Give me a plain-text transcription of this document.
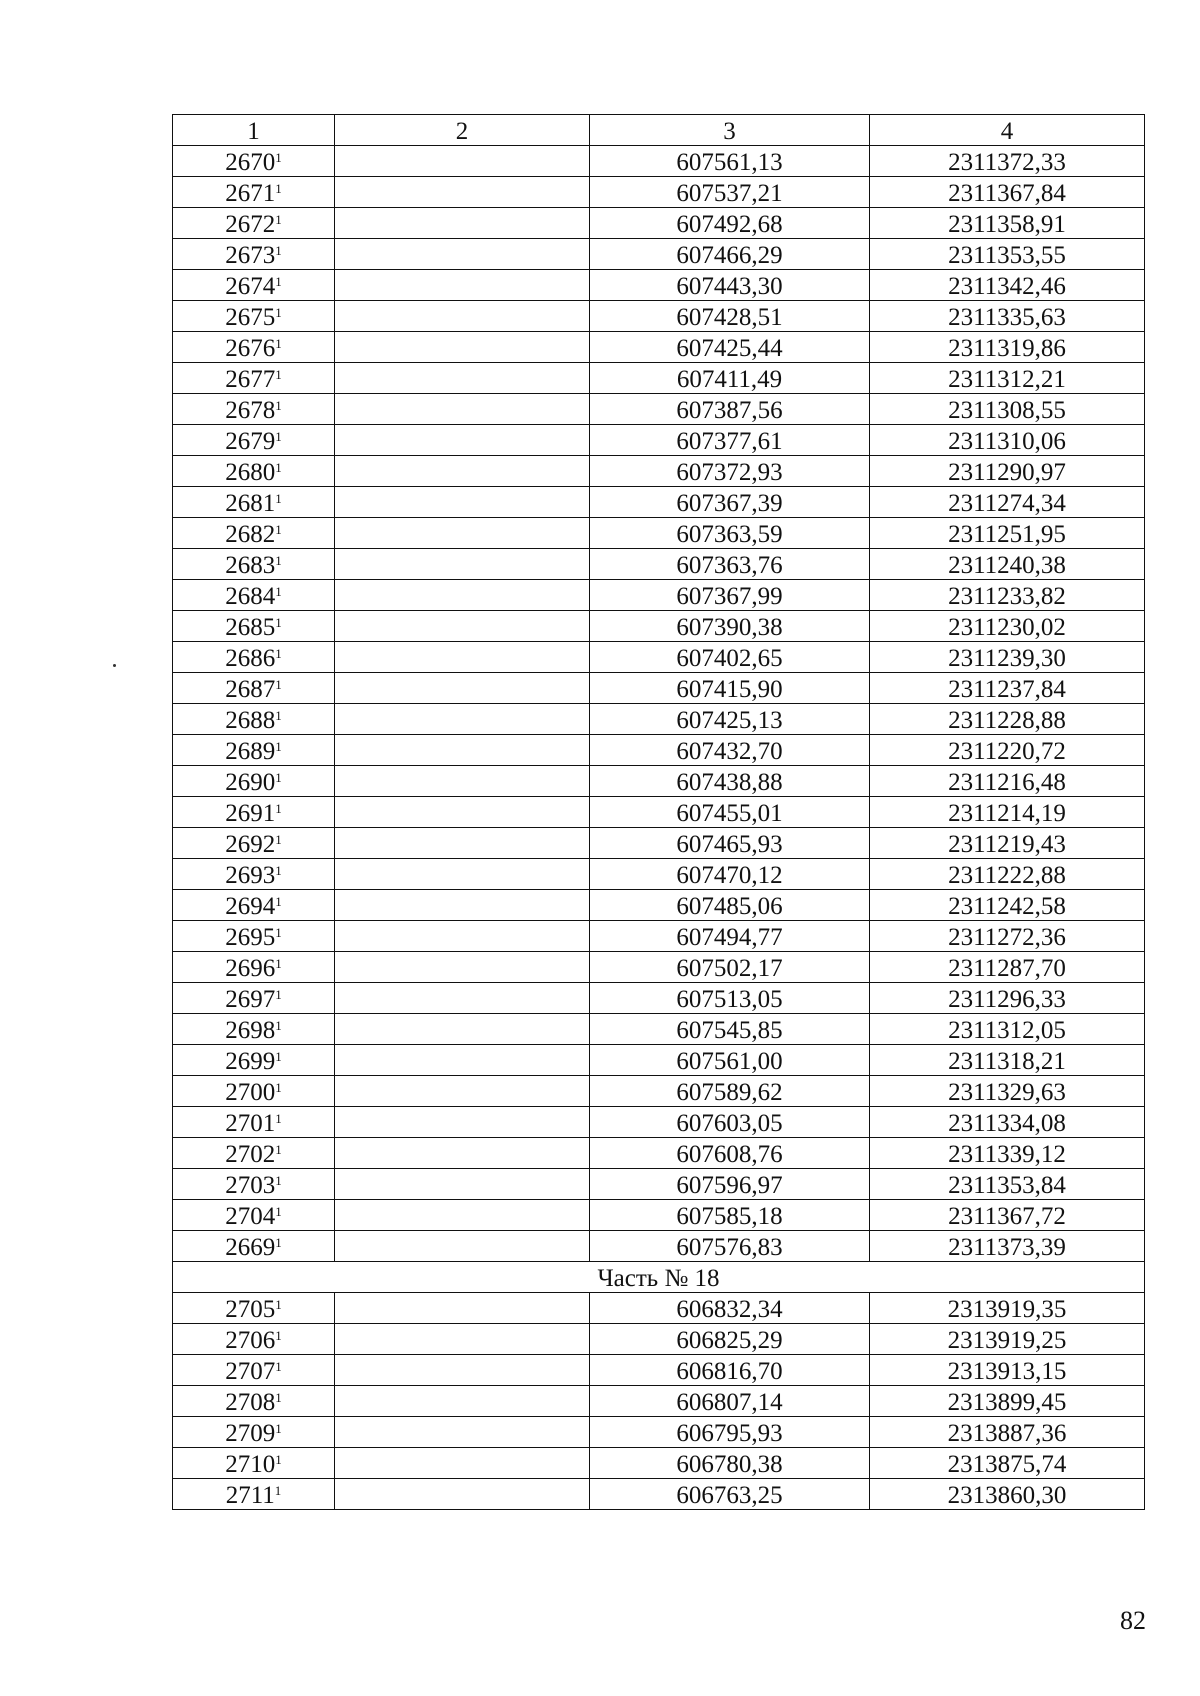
1	2	3	4
2670$^1$		607561,13	2311372,33
2671$^1$		607537,21	2311367,84
2672$^1$		607492,68	2311358,91
2673$^1$		607466,29	2311353,55
2674$^1$		607443,30	2311342,46
2675$^1$		607428,51	2311335,63
2676$^1$		607425,44	2311319,86
2677$^1$		607411,49	2311312,21
2678$^1$		607387,56	2311308,55
2679$^1$		607377,61	2311310,06
2680$^1$		607372,93	2311290,97
2681$^1$		607367,39	2311274,34
2682$^1$		607363,59	2311251,95
2683$^1$		607363,76	2311240,38
2684$^1$		607367,99	2311233,82
2685$^1$		607390,38	2311230,02
2686$^1$		607402,65	2311239,30
2687$^1$		607415,90	2311237,84
2688$^1$		607425,13	2311228,88
2689$^1$		607432,70	2311220,72
2690$^1$		607438,88	2311216,48
2691$^1$		607455,01	2311214,19
2692$^1$		607465,93	2311219,43
2693$^1$		607470,12	2311222,88
2694$^1$		607485,06	2311242,58
2695$^1$		607494,77	2311272,36
2696$^1$		607502,17	2311287,70
2697$^1$		607513,05	2311296,33
2698$^1$		607545,85	2311312,05
2699$^1$		607561,00	2311318,21
2700$^1$		607589,62	2311329,63
2701$^1$		607603,05	2311334,08
2702$^1$		607608,76	2311339,12
2703$^1$		607596,97	2311353,84
2704$^1$		607585,18	2311367,72
2669$^1$		607576,83	2311373,39
Часть № 18			
2705$^1$		606832,34	2313919,35
2706$^1$		606825,29	2313919,25
2707$^1$		606816,70	2313913,15
2708$^1$		606807,14	2313899,45
2709$^1$		606795,93	2313887,36
2710$^1$		606780,38	2313875,74
2711$^1$		606763,25	2313860,30
82
